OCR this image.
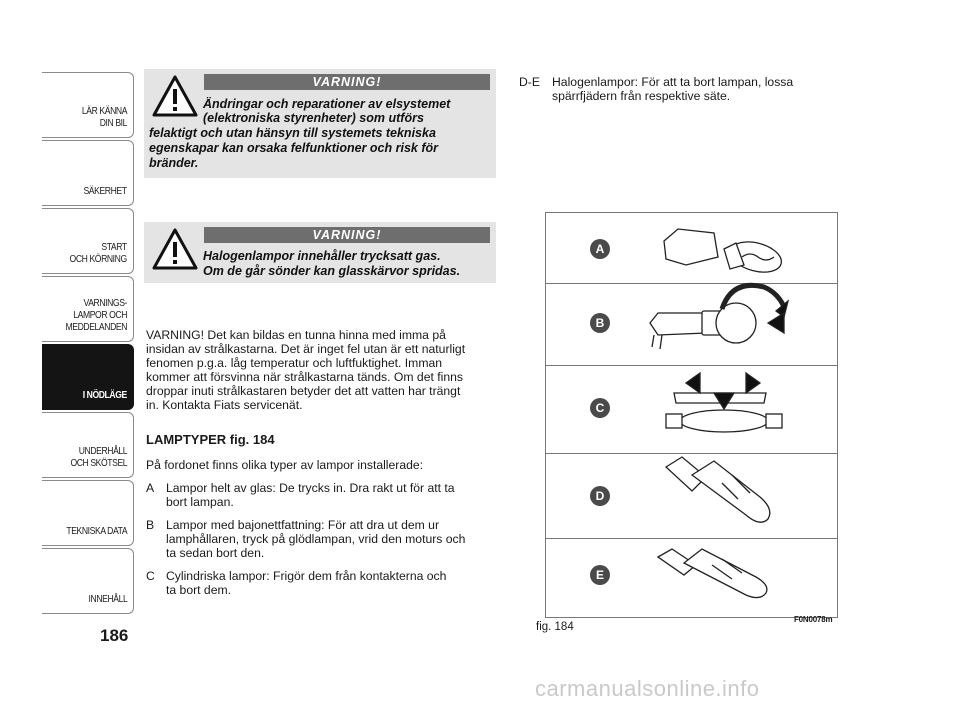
LÄR KÄNNA
DIN BIL
SÄKERHET
START
OCH KÖRNING
VARNINGS-
LAMPOR OCH
MEDDELANDEN
I NÖDLÄGE
UNDERHÅLL
OCH SKÖTSEL
TEKNISKA DATA
INNEHÅLL
186
VARNING!
Ändringar och reparationer av elsystemet
(elektroniska styrenheter) som utförs
felaktigt och utan hänsyn till systemets tekniska
egenskapar kan orsaka felfunktioner och risk för
bränder.
VARNING!
Halogenlampor innehåller trycksatt gas.
Om de går sönder kan glasskärvor spridas.
VARNING! Det kan bildas en tunna hinna med imma på
insidan av strålkastarna. Det är inget fel utan är ett naturligt
fenomen p.g.a. låg temperatur och luftfuktighet. Imman
kommer att försvinna när strålkastarna tänds. Om det finns
droppar inuti strålkastaren betyder det att vatten har trängt
in. Kontakta Fiats servicenät.
LAMPTYPER fig. 184
På fordonet finns olika typer av lampor installerade:
A Lampor helt av glas: De trycks in. Dra rakt ut för att ta
bort lampan.
B Lampor med bajonettfattning: För att dra ut dem ur
lamphållaren, tryck på glödlampan, vrid den moturs och
ta sedan bort den.
C Cylindriska lampor: Frigör dem från kontakterna och
ta bort dem.
D-E Halogenlampor: För att ta bort lampan, lossa
spärrfjädern från respektive säte.
A
B
C
D
E
fig. 184
F0N0078m
carmanualsonline.info
